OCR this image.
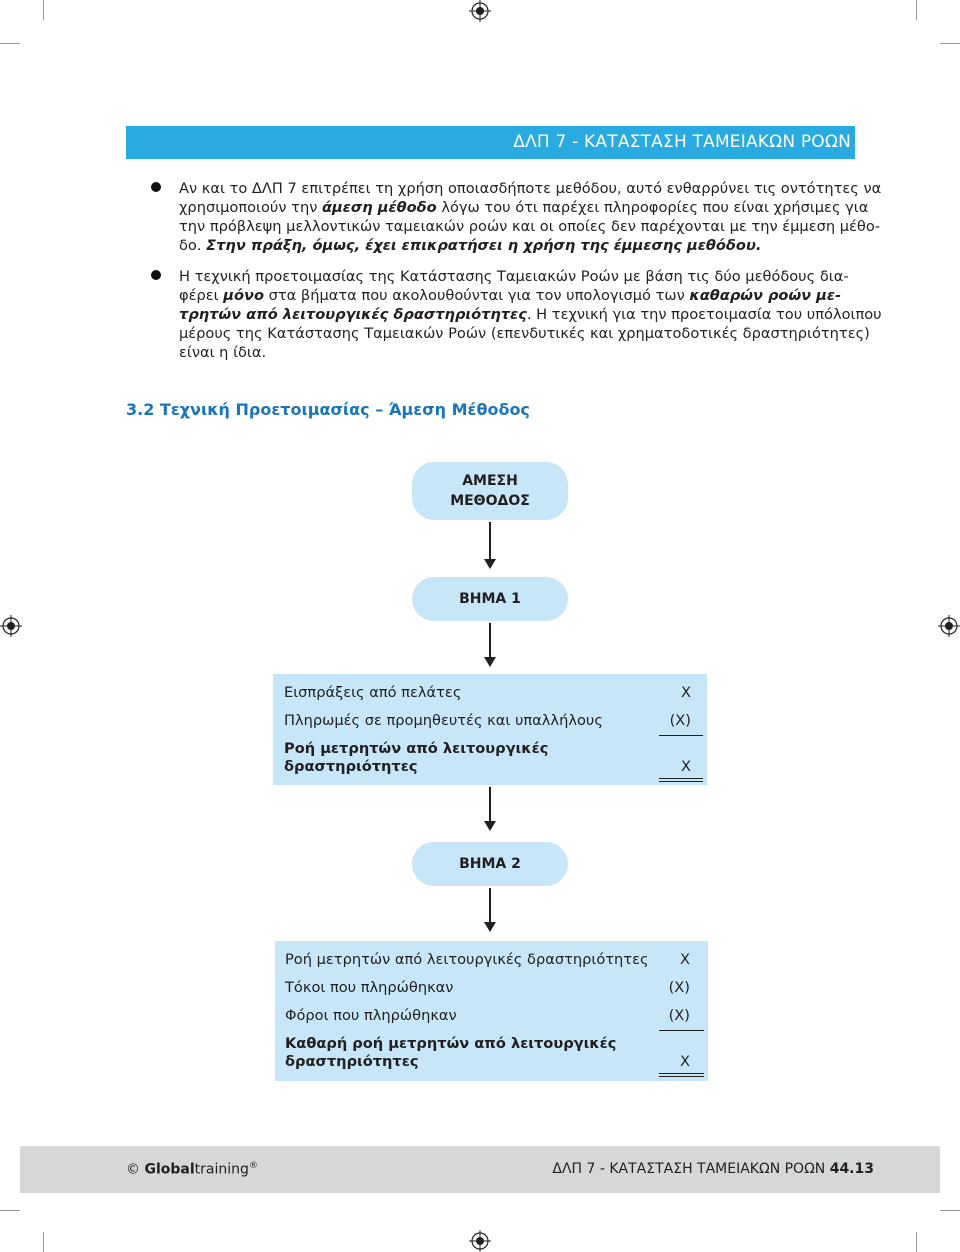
ΔΛΠ 7 - ΚΑΤΑΣΤΑΣΗ ΤΑΜΕΙΑΚΩΝ ΡΟΩΝ

Αν και το ΔΛΠ 7 επιτρέπει τη χρήση οποιασδήποτε μεθόδου, αυτό ενθαρρύνει τις οντότητες να
χρησιμοποιούν την άμεση μέθοδο λόγω του ότι παρέχει πληροφορίες που είναι χρήσιμες για
την πρόβλεψη μελλοντικών ταμειακών ροών και οι οποίες δεν παρέχονται με την έμμεση μέθο-
δο. Στην πράξη, όμως, έχει επικρατήσει η χρήση της έμμεσης μεθόδου.

Η τεχνική προετοιμασίας της Κατάστασης Ταμειακών Ροών με βάση τις δύο μεθόδους δια-
φέρει μόνο στα βήματα που ακολουθούνται για τον υπολογισμό των καθαρών ροών με-
τρητών από λειτουργικές δραστηριότητες. Η τεχνική για την προετοιμασία του υπόλοιπου
μέρους της Κατάστασης Ταμειακών Ροών (επενδυτικές και χρηματοδοτικές δραστηριότητες)
είναι η ίδια.

3.2 Τεχνική Προετοιμασίας – Άμεση Μέθοδος
ΑΜΕΣΗ
ΜΕΘΟΔΟΣ
ΒΗΜΑ 1
Εισπράξεις από πελάτες	X
Πληρωμές σε προμηθευτές και υπαλλήλους	(X)
Ροή μετρητών από λειτουργικές
δραστηριότητες	X
ΒΗΜΑ 2
Ροή μετρητών από λειτουργικές δραστηριότητες X
Τόκοι που πληρώθηκαν	(X)
Φόροι που πληρώθηκαν	(X)
Καθαρή ροή μετρητών από λειτουργικές
δραστηριότητες	X
© Globaltraining®	ΔΛΠ 7 - ΚΑΤΑΣΤΑΣΗ ΤΑΜΕΙΑΚΩΝ ΡΟΩΝ 44.13
